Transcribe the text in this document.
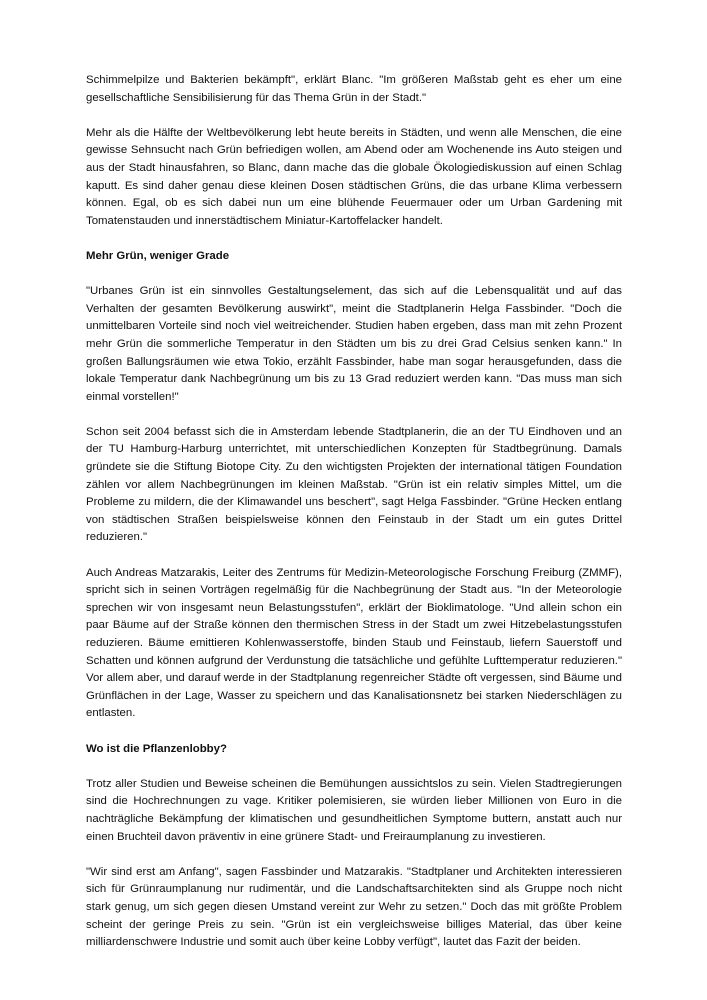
Schimmelpilze und Bakterien bekämpft", erklärt Blanc. "Im größeren Maßstab geht es eher um eine gesellschaftliche Sensibilisierung für das Thema Grün in der Stadt."

Mehr als die Hälfte der Weltbevölkerung lebt heute bereits in Städten, und wenn alle Menschen, die eine gewisse Sehnsucht nach Grün befriedigen wollen, am Abend oder am Wochenende ins Auto steigen und aus der Stadt hinausfahren, so Blanc, dann mache das die globale Ökologiediskussion auf einen Schlag kaputt. Es sind daher genau diese kleinen Dosen städtischen Grüns, die das urbane Klima verbessern können. Egal, ob es sich dabei nun um eine blühende Feuermauer oder um Urban Gardening mit Tomatenstauden und innerstädtischem Miniatur-Kartoffelacker handelt.

Mehr Grün, weniger Grade

"Urbanes Grün ist ein sinnvolles Gestaltungselement, das sich auf die Lebensqualität und auf das Verhalten der gesamten Bevölkerung auswirkt", meint die Stadtplanerin Helga Fassbinder. "Doch die unmittelbaren Vorteile sind noch viel weitreichender. Studien haben ergeben, dass man mit zehn Prozent mehr Grün die sommerliche Temperatur in den Städten um bis zu drei Grad Celsius senken kann." In großen Ballungsräumen wie etwa Tokio, erzählt Fassbinder, habe man sogar herausgefunden, dass die lokale Temperatur dank Nachbegrünung um bis zu 13 Grad reduziert werden kann. "Das muss man sich einmal vorstellen!"

Schon seit 2004 befasst sich die in Amsterdam lebende Stadtplanerin, die an der TU Eindhoven und an der TU Hamburg-Harburg unterrichtet, mit unterschiedlichen Konzepten für Stadtbegrünung. Damals gründete sie die Stiftung Biotope City. Zu den wichtigsten Projekten der international tätigen Foundation zählen vor allem Nachbegrünungen im kleinen Maßstab. "Grün ist ein relativ simples Mittel, um die Probleme zu mildern, die der Klimawandel uns beschert", sagt Helga Fassbinder. "Grüne Hecken entlang von städtischen Straßen beispielsweise können den Feinstaub in der Stadt um ein gutes Drittel reduzieren."

Auch Andreas Matzarakis, Leiter des Zentrums für Medizin-Meteorologische Forschung Freiburg (ZMMF), spricht sich in seinen Vorträgen regelmäßig für die Nachbegrünung der Stadt aus. "In der Meteorologie sprechen wir von insgesamt neun Belastungsstufen", erklärt der Bioklimatologe. "Und allein schon ein paar Bäume auf der Straße können den thermischen Stress in der Stadt um zwei Hitzebelastungsstufen reduzieren. Bäume emittieren Kohlenwasserstoffe, binden Staub und Feinstaub, liefern Sauerstoff und Schatten und können aufgrund der Verdunstung die tatsächliche und gefühlte Lufttemperatur reduzieren." Vor allem aber, und darauf werde in der Stadtplanung regenreicher Städte oft vergessen, sind Bäume und Grünflächen in der Lage, Wasser zu speichern und das Kanalisationsnetz bei starken Niederschlägen zu entlasten.

Wo ist die Pflanzenlobby?

Trotz aller Studien und Beweise scheinen die Bemühungen aussichtslos zu sein. Vielen Stadtregierungen sind die Hochrechnungen zu vage. Kritiker polemisieren, sie würden lieber Millionen von Euro in die nachträgliche Bekämpfung der klimatischen und gesundheitlichen Symptome buttern, anstatt auch nur einen Bruchteil davon präventiv in eine grünere Stadt- und Freiraumplanung zu investieren.

"Wir sind erst am Anfang", sagen Fassbinder und Matzarakis. "Stadtplaner und Architekten interessieren sich für Grünraumplanung nur rudimentär, und die Landschaftsarchitekten sind als Gruppe noch nicht stark genug, um sich gegen diesen Umstand vereint zur Wehr zu setzen." Doch das mit größte Problem scheint der geringe Preis zu sein. "Grün ist ein vergleichsweise billiges Material, das über keine milliardenschwere Industrie und somit auch über keine Lobby verfügt", lautet das Fazit der beiden.
